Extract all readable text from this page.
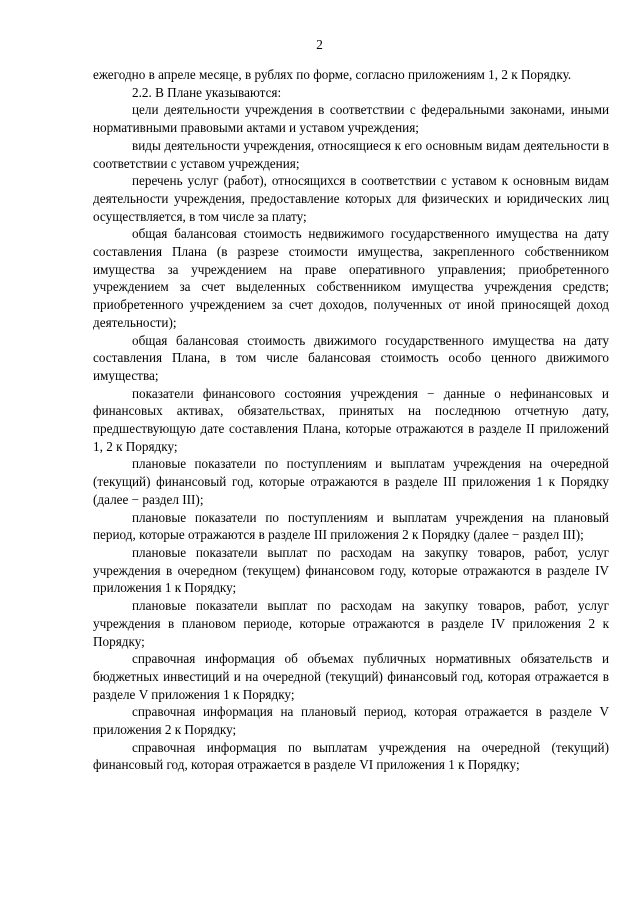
2

ежегодно в апреле месяце, в рублях по форме, согласно приложениям 1, 2 к Порядку.

2.2. В Плане указываются:

цели деятельности учреждения в соответствии с федеральными законами, иными нормативными правовыми актами и уставом учреждения;

виды деятельности учреждения, относящиеся к его основным видам деятельности в соответствии с уставом учреждения;

перечень услуг (работ), относящихся в соответствии с уставом к основным видам деятельности учреждения, предоставление которых для физических и юридических лиц осуществляется, в том числе за плату;

общая балансовая стоимость недвижимого государственного имущества на дату составления Плана (в разрезе стоимости имущества, закрепленного собственником имущества за учреждением на праве оперативного управления; приобретенного учреждением за счет выделенных собственником имущества учреждения средств; приобретенного учреждением за счет доходов, полученных от иной приносящей доход деятельности);

общая балансовая стоимость движимого государственного имущества на дату составления Плана, в том числе балансовая стоимость особо ценного движимого имущества;

показатели финансового состояния учреждения − данные о нефинансовых и финансовых активах, обязательствах, принятых на последнюю отчетную дату, предшествующую дате составления Плана, которые отражаются в разделе II приложений 1, 2 к Порядку;

плановые показатели по поступлениям и выплатам учреждения на очередной (текущий) финансовый год, которые отражаются в разделе III приложения 1 к Порядку (далее − раздел III);

плановые показатели по поступлениям и выплатам учреждения на плановый период, которые отражаются в разделе III приложения 2 к Порядку (далее − раздел III);

плановые показатели выплат по расходам на закупку товаров, работ, услуг учреждения в очередном (текущем) финансовом году, которые отражаются в разделе IV приложения 1 к Порядку;

плановые показатели выплат по расходам на закупку товаров, работ, услуг учреждения в плановом периоде, которые отражаются в разделе IV приложения 2 к Порядку;

справочная информация об объемах публичных нормативных обязательств и бюджетных инвестиций и на очередной (текущий) финансовый год, которая отражается в разделе V приложения 1 к Порядку;

справочная информация на плановый период, которая отражается в разделе V приложения 2 к Порядку;

справочная информация по выплатам учреждения на очередной (текущий) финансовый год, которая отражается в разделе VI приложения 1 к Порядку;
